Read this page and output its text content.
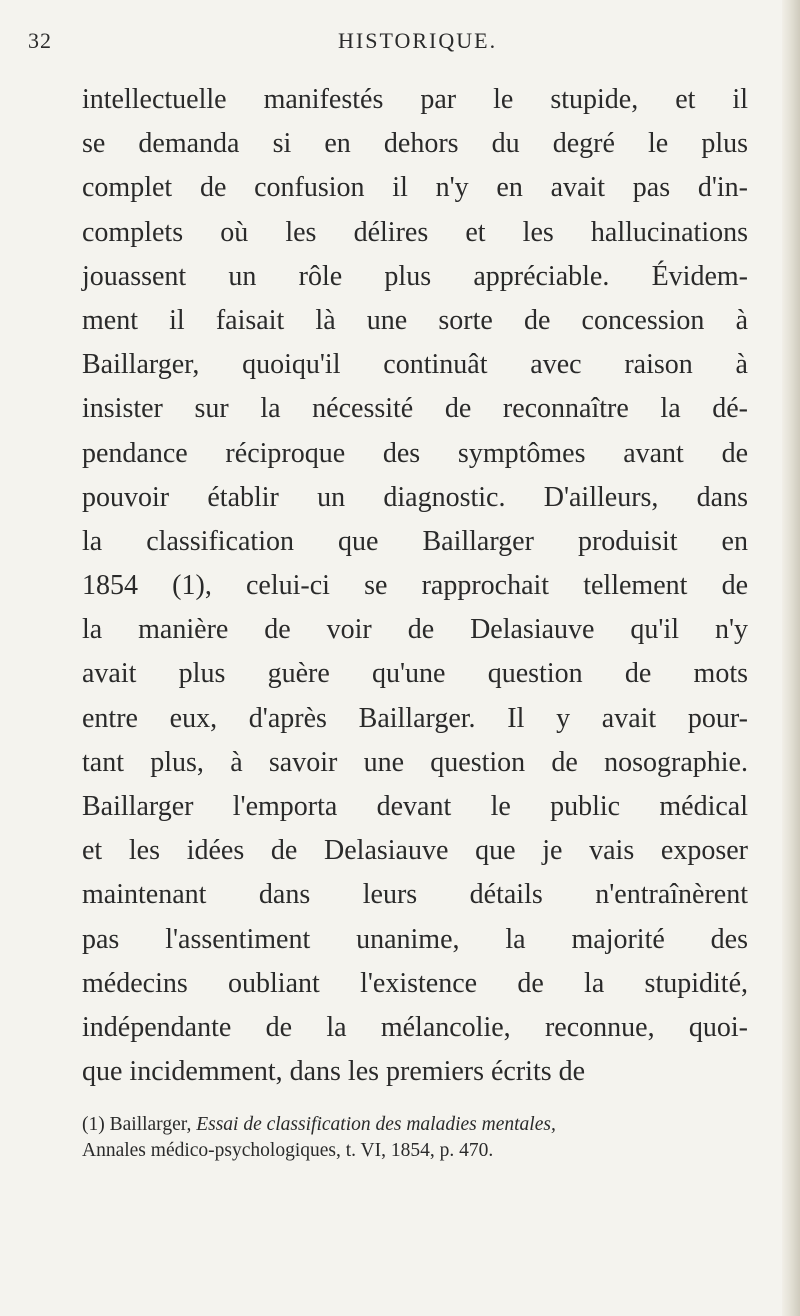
32	HISTORIQUE.
intellectuelle manifestés par le stupide, et il
se demanda si en dehors du degré le plus
complet de confusion il n'y en avait pas d'in-
complets où les délires et les hallucinations
jouassent un rôle plus appréciable. Évidem-
ment il faisait là une sorte de concession à
Baillarger, quoiqu'il continuât avec raison à
insister sur la nécessité de reconnaître la dé-
pendance réciproque des symptômes avant de
pouvoir établir un diagnostic. D'ailleurs, dans
la classification que Baillarger produisit en
1854 (1), celui-ci se rapprochait tellement de
la manière de voir de Delasiauve qu'il n'y
avait plus guère qu'une question de mots
entre eux, d'après Baillarger. Il y avait pour-
tant plus, à savoir une question de nosographie.
Baillarger l'emporta devant le public médical
et les idées de Delasiauve que je vais exposer
maintenant dans leurs détails n'entraînèrent
pas l'assentiment unanime, la majorité des
médecins oubliant l'existence de la stupidité,
indépendante de la mélancolie, reconnue, quoi-
que incidemment, dans les premiers écrits de
(1) Baillarger, Essai de classification des maladies mentales,
Annales médico-psychologiques, t. VI, 1854, p. 470.
